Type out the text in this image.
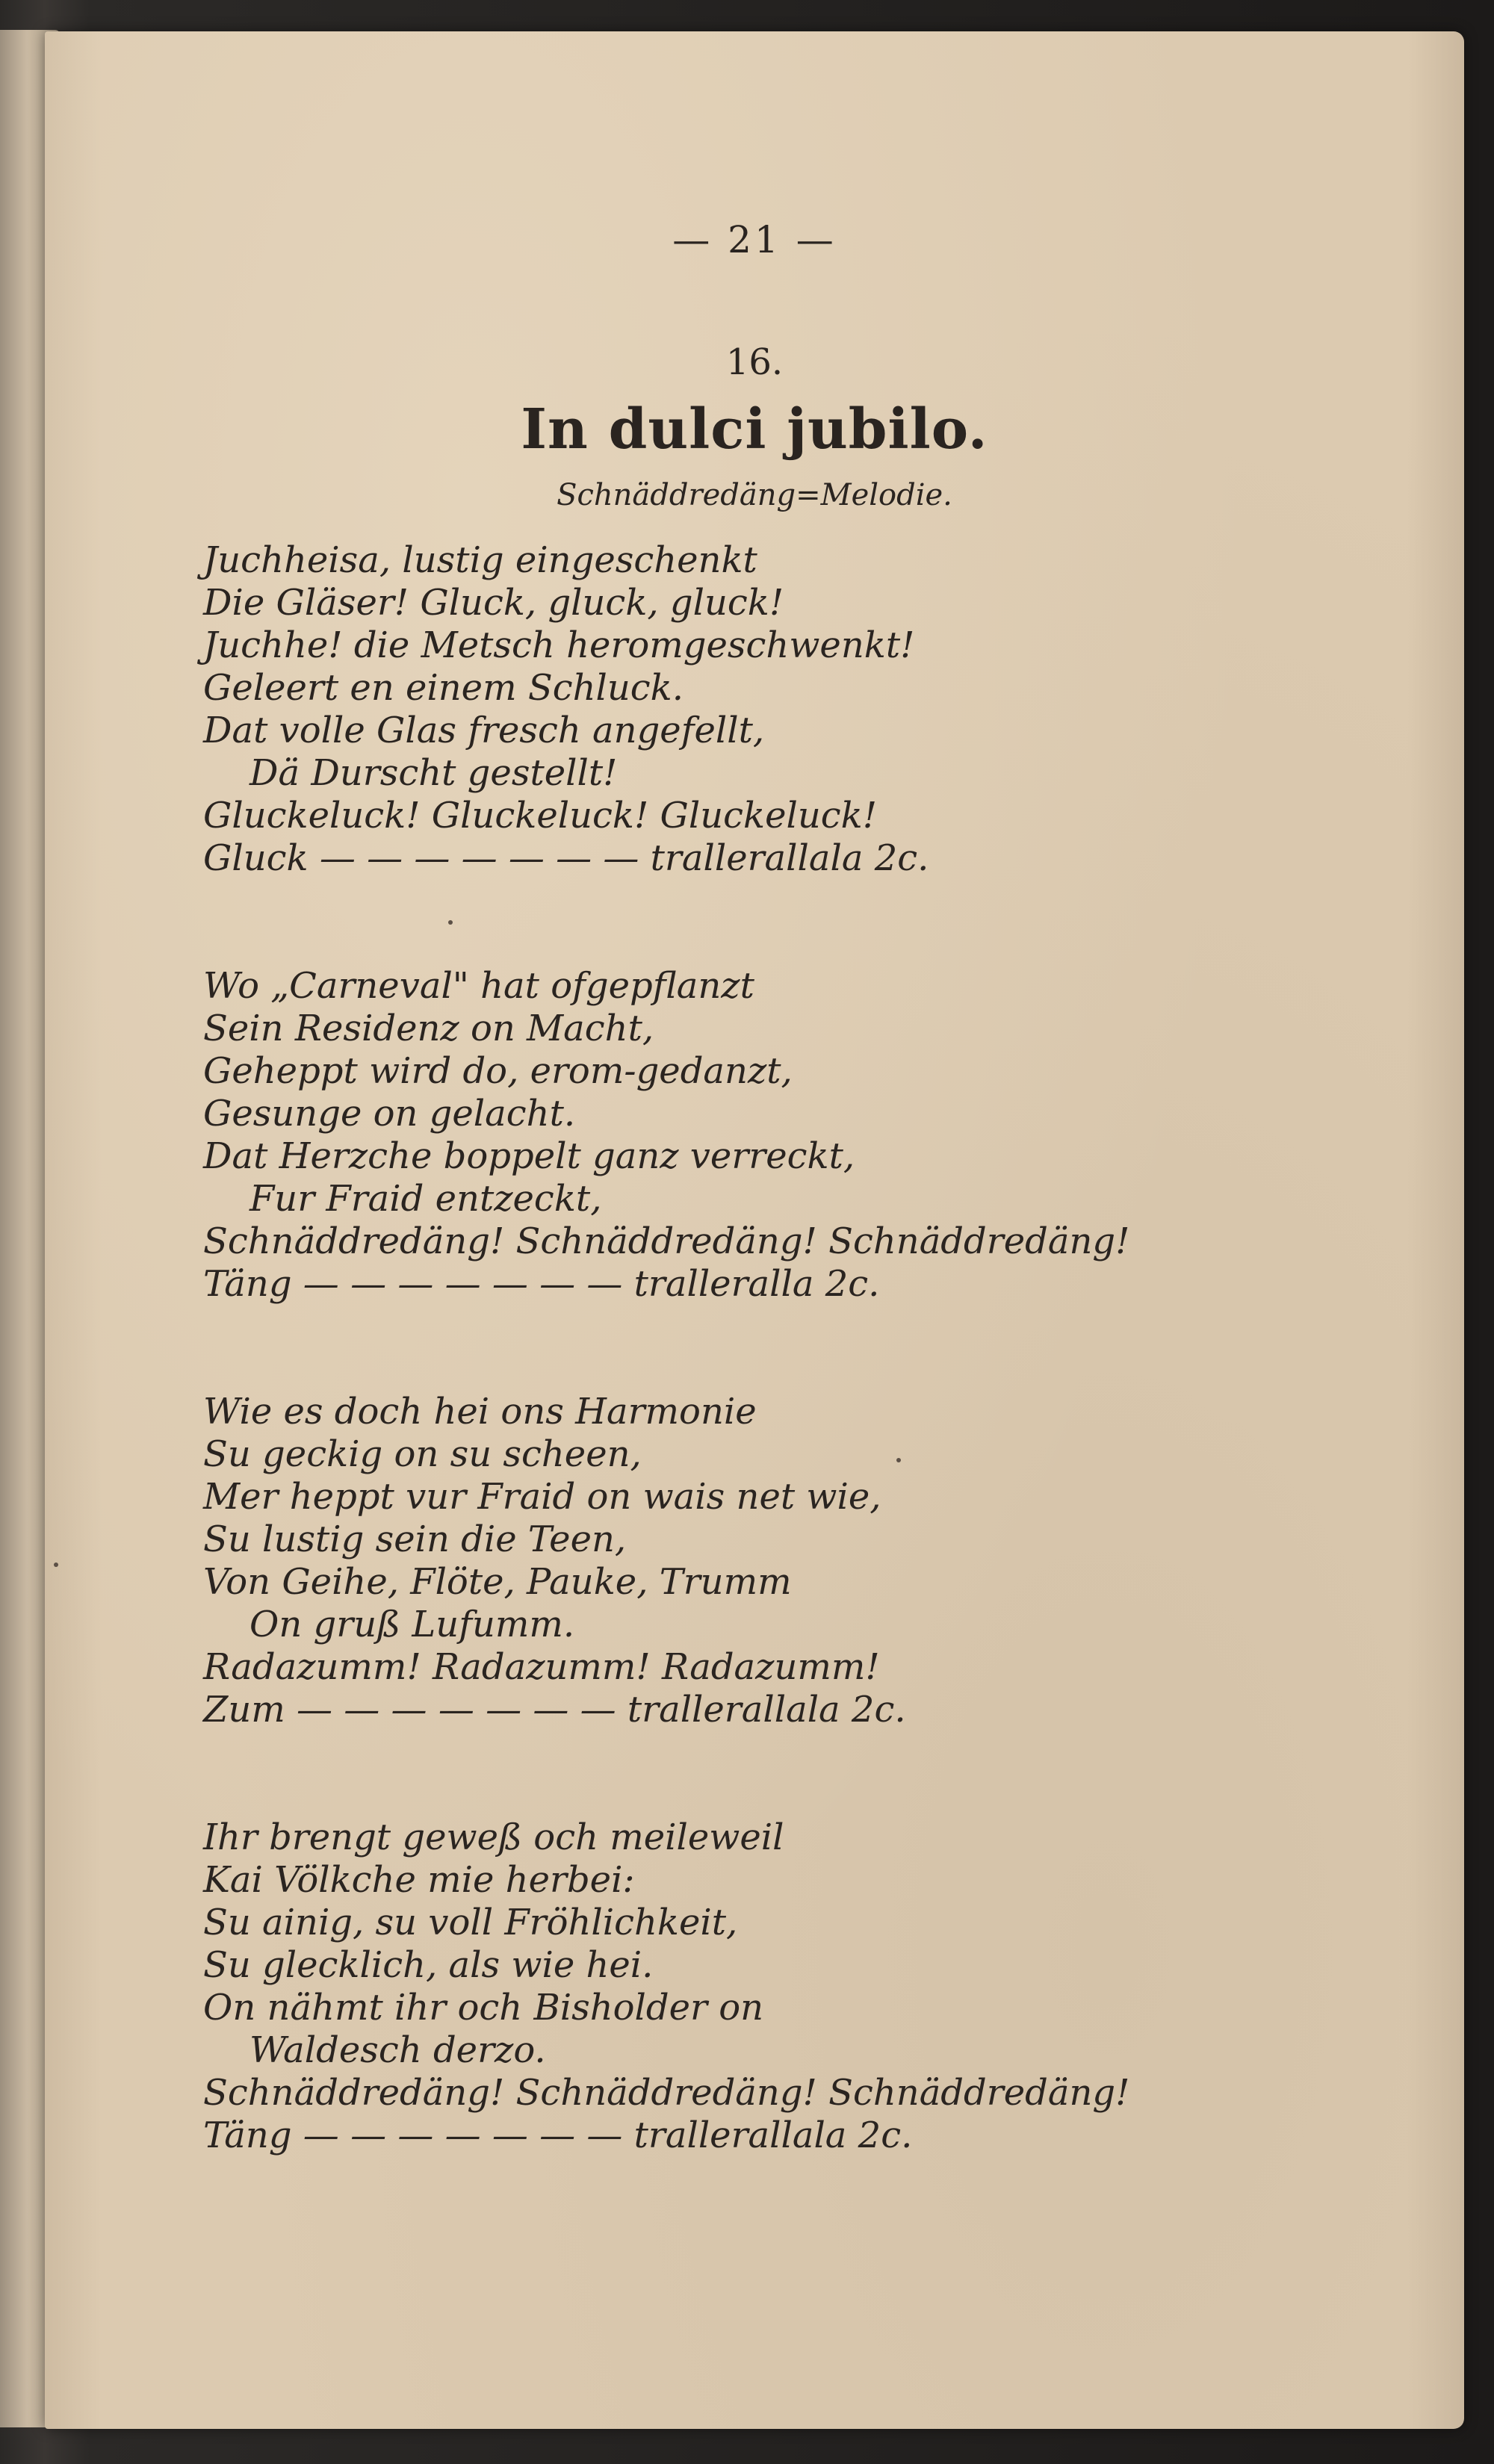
— 21 —
16.
In dulci jubilo.
Schnäddredäng=Melodie.
Juchheisa, lustig eingeschenkt
Die Gläser! Gluck, gluck, gluck!
Juchhe! die Metsch heromgeschwenkt!
Geleert en einem Schluck.
Dat volle Glas fresch angefellt,
Dä Durscht gestellt!
Gluckeluck! Gluckeluck! Gluckeluck!
Gluck — — — — — — — trallerallala 2c.
Wo „Carneval" hat ofgepflanzt
Sein Residenz on Macht,
Geheppt wird do, erom-gedanzt,
Gesunge on gelacht.
Dat Herzche boppelt ganz verreckt,
Fur Fraid entzeckt,
Schnäddredäng! Schnäddredäng! Schnäddredäng!
Täng — — — — — — — tralleralla 2c.
Wie es doch hei ons Harmonie
Su geckig on su scheen,
Mer heppt vur Fraid on wais net wie,
Su lustig sein die Teen,
Von Geihe, Flöte, Pauke, Trumm
On gruß Lufumm.
Radazumm! Radazumm! Radazumm!
Zum — — — — — — — trallerallala 2c.
Ihr brengt geweß och meileweil
Kai Völkche mie herbei:
Su ainig, su voll Fröhlichkeit,
Su glecklich, als wie hei.
On nähmt ihr och Bisholder on
Waldesch derzo.
Schnäddredäng! Schnäddredäng! Schnäddredäng!
Täng — — — — — — — trallerallala 2c.
